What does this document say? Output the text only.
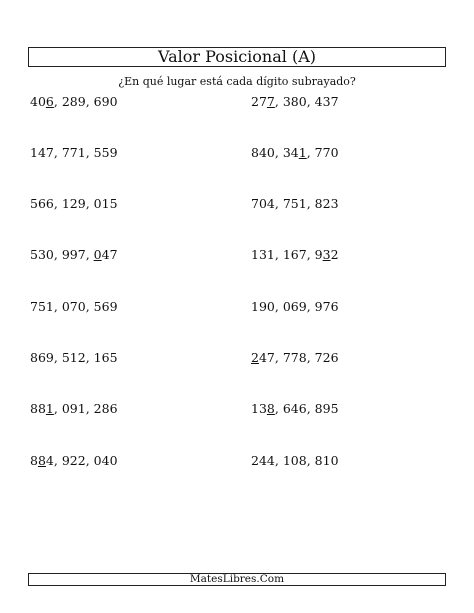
Valor Posicional (A)
¿En qué lugar está cada dígito subrayado?
406, 289, 690	277, 380, 437
147, 771, 559	840, 341, 770
566, 129, 015	704, 751, 823
530, 997, 047	131, 167, 932
751, 070, 569	190, 069, 976
869, 512, 165	247, 778, 726
881, 091, 286	138, 646, 895
884, 922, 040	244, 108, 810
MatesLibres.Com
